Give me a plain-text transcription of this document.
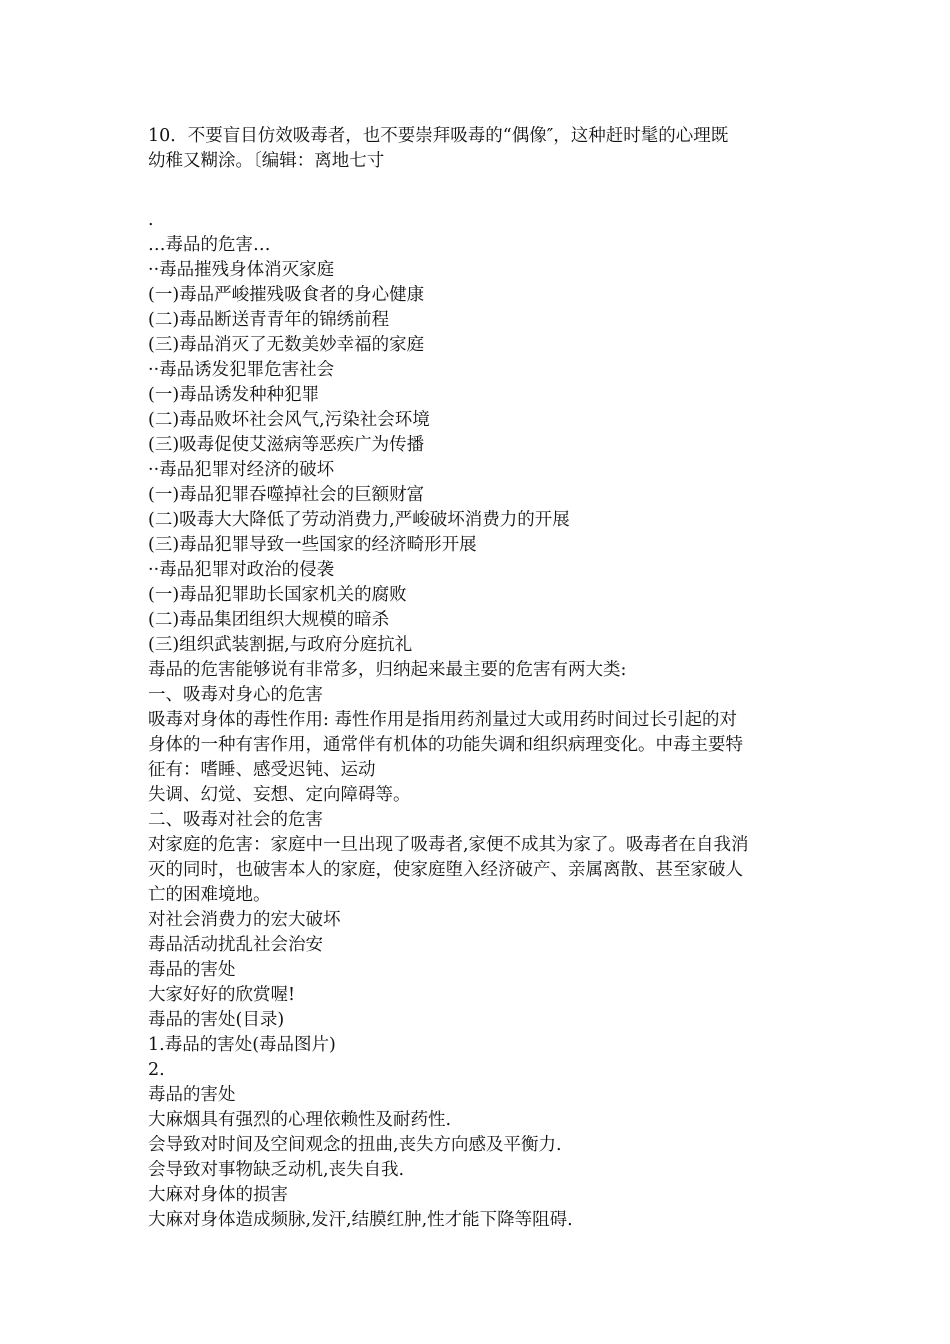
10．不要盲目仿效吸毒者，也不要崇拜吸毒的“偶像″，这种赶时髦的心理既

幼稚又糊涂。〔编辑：离地七寸

.

…毒品的危害…

··毒品摧残身体消灭家庭

(一)毒品严峻摧残吸食者的身心健康

(二)毒品断送青青年的锦绣前程

(三)毒品消灭了无数美妙幸福的家庭

··毒品诱发犯罪危害社会

(一)毒品诱发种种犯罪

(二)毒品败坏社会风气,污染社会环境

(三)吸毒促使艾滋病等恶疾广为传播

··毒品犯罪对经济的破坏

(一)毒品犯罪吞噬掉社会的巨额财富

(二)吸毒大大降低了劳动消费力,严峻破坏消费力的开展

(三)毒品犯罪导致一些国家的经济畸形开展

··毒品犯罪对政治的侵袭

(一)毒品犯罪助长国家机关的腐败

(二)毒品集团组织大规模的暗杀

(三)组织武装割据,与政府分庭抗礼

毒品的危害能够说有非常多，归纳起来最主要的危害有两大类:

一、吸毒对身心的危害

吸毒对身体的毒性作用: 毒性作用是指用药剂量过大或用药时间过长引起的对

身体的一种有害作用，通常伴有机体的功能失调和组织病理变化。中毒主要特

征有：嗜睡、感受迟钝、运动

失调、幻觉、妄想、定向障碍等。

二、吸毒对社会的危害

对家庭的危害：家庭中一旦出现了吸毒者,家便不成其为家了。吸毒者在自我消

灭的同时，也破害本人的家庭，使家庭堕入经济破产、亲属离散、甚至家破人

亡的困难境地。

对社会消费力的宏大破坏

毒品活动扰乱社会治安

毒品的害处

大家好好的欣赏喔!

毒品的害处(目录)

1.毒品的害处(毒品图片)

2.

毒品的害处

大麻烟具有强烈的心理依赖性及耐药性.

会导致对时间及空间观念的扭曲,丧失方向感及平衡力.

会导致对事物缺乏动机,丧失自我.

大麻对身体的损害

大麻对身体造成频脉,发汗,结膜红肿,性才能下降等阻碍.
